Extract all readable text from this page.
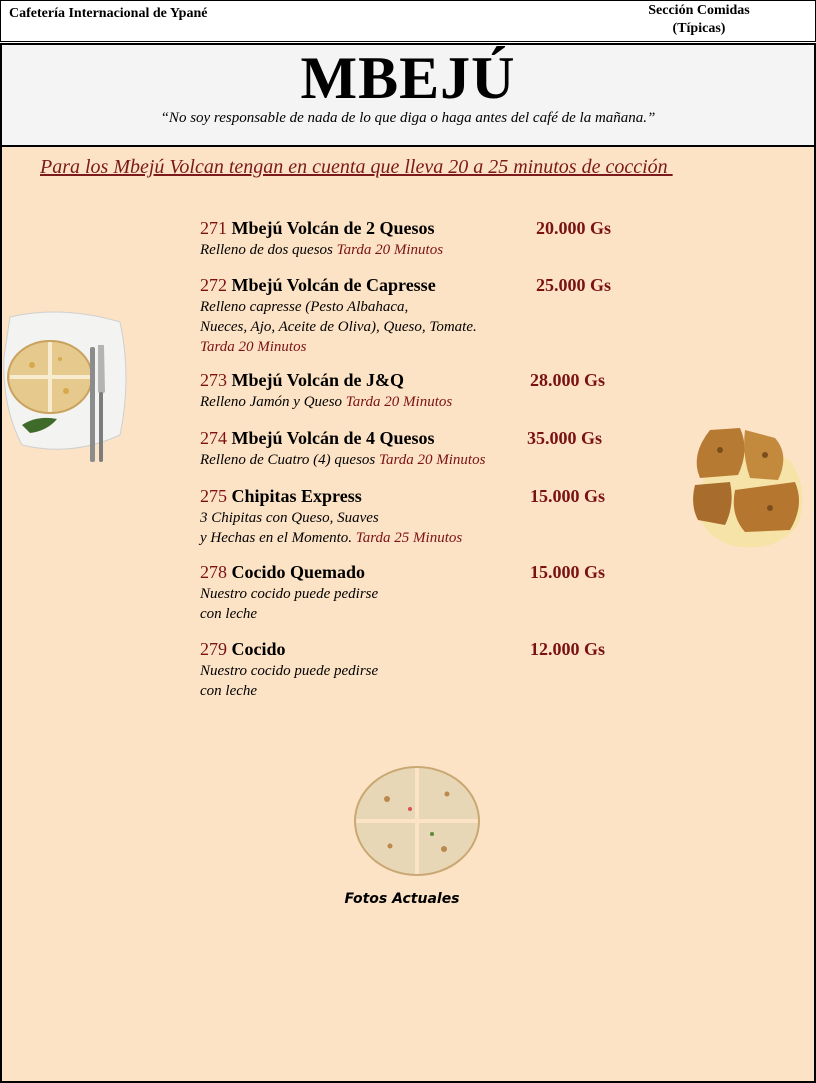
Cafetería Internacional de Ypané	Sección Comidas
(Típicas)
MBEJÚ
“No soy responsable de nada de lo que diga o haga antes del café de la mañana.”
Para los Mbejú Volcan tengan en cuenta que lleva 20 a 25 minutos de cocción
271 Mbejú Volcán de 2 Quesos	20.000 Gs
Relleno de dos quesos Tarda 20 Minutos
272 Mbejú Volcán de Capresse	25.000 Gs
Relleno capresse (Pesto Albahaca,
Nueces, Ajo, Aceite de Oliva), Queso, Tomate.
Tarda 20 Minutos
273 Mbejú Volcán de J&Q	28.000 Gs
Relleno Jamón y Queso Tarda 20 Minutos
274 Mbejú Volcán de 4 Quesos	35.000 Gs
Relleno de Cuatro (4) quesos Tarda 20 Minutos
275 Chipitas Express	15.000 Gs
3 Chipitas con Queso, Suaves
y Hechas en el Momento. Tarda 25 Minutos
278 Cocido Quemado	15.000 Gs
Nuestro cocido puede pedirse
con leche
279 Cocido	12.000 Gs
Nuestro cocido puede pedirse
con leche
Fotos Actuales
